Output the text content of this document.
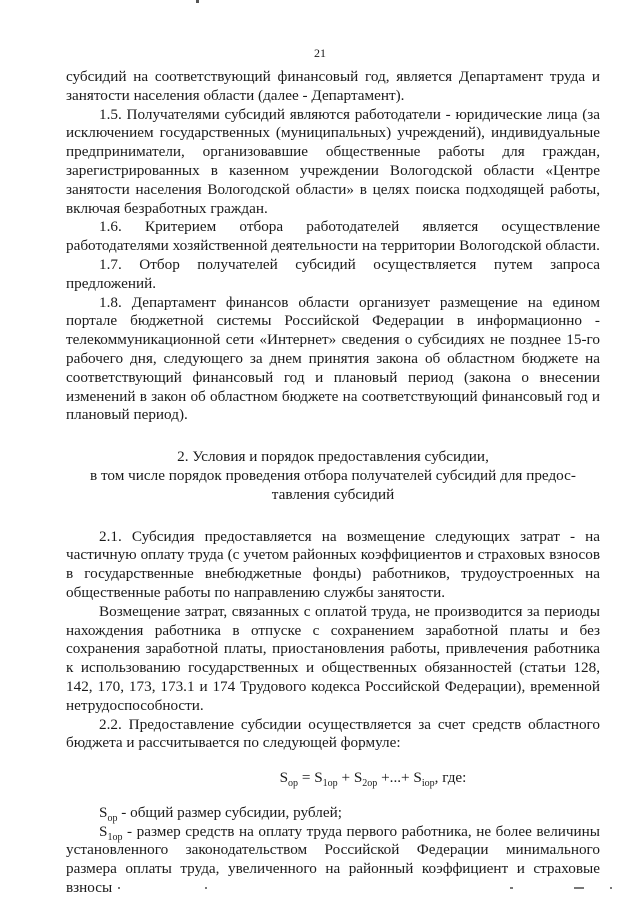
21

субсидий на соответствующий финансовый год, является Департамент труда и занятости населения области (далее - Департамент).

1.5. Получателями субсидий являются работодатели - юридические лица (за исключением государственных (муниципальных) учреждений), индивидуальные предприниматели, организовавшие общественные работы для граждан, зарегистрированных в казенном учреждении Вологодской области «Центре занятости населения Вологодской области» в целях поиска подходящей работы, включая безработных граждан.

1.6. Критерием отбора работодателей является осуществление работодателями хозяйственной деятельности на территории Вологодской области.

1.7. Отбор получателей субсидий осуществляется путем запроса предложений.

1.8. Департамент финансов области организует размещение на едином портале бюджетной системы Российской Федерации в информационно - телекоммуникационной сети «Интернет» сведения о субсидиях не позднее 15-го рабочего дня, следующего за днем принятия закона об областном бюджете на соответствующий финансовый год и плановый период (закона о внесении изменений в закон об областном бюджете на соответствующий финансовый год и плановый период).

2. Условия и порядок предоставления субсидии,
в том числе порядок проведения отбора получателей субсидий для предос-
тавления субсидий

2.1. Субсидия предоставляется на возмещение следующих затрат - на частичную оплату труда (с учетом районных коэффициентов и страховых взносов в государственные внебюджетные фонды) работников, трудоустроенных на общественные работы по направлению службы занятости.

Возмещение затрат, связанных с оплатой труда, не производится за периоды нахождения работника в отпуске с сохранением заработной платы и без сохранения заработной платы, приостановления работы, привлечения работника к использованию государственных и общественных обязанностей (статьи 128, 142, 170, 173, 173.1 и 174 Трудового кодекса Российской Федерации), временной нетрудоспособности.

2.2. Предоставление субсидии осуществляется за счет средств областного бюджета и рассчитывается по следующей формуле:

$S_{op} = S_{1op} + S_{2op}$ +...+ $S_{iop}$, где:

$S_{op}$ - общий размер субсидии, рублей;

$S_{1op}$ - размер средств на оплату труда первого работника, не более величины установленного законодательством Российской Федерации минимального размера оплаты труда, увеличенного на районный коэффициент и страховые взносы
